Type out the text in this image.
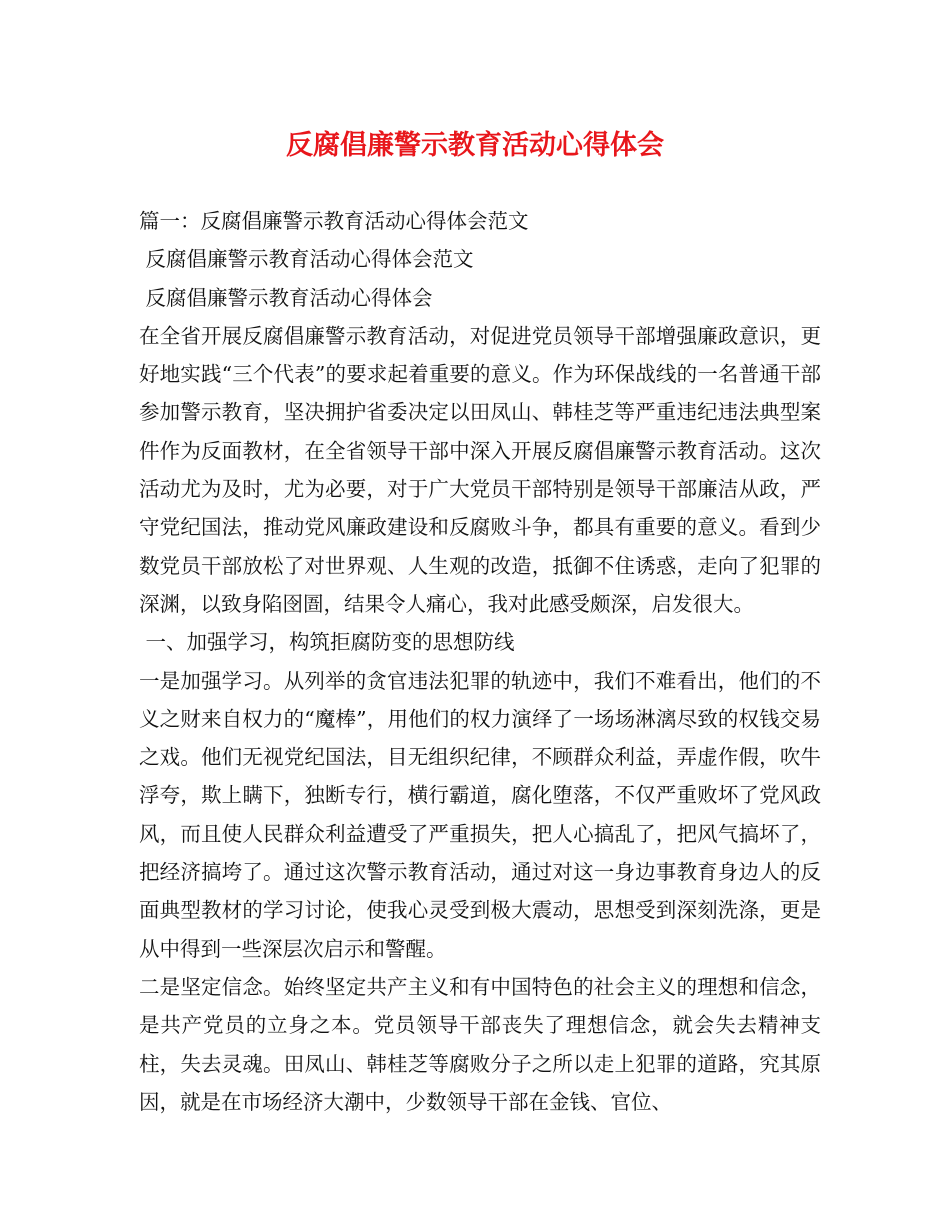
反腐倡廉警示教育活动心得体会
篇一：反腐倡廉警示教育活动心得体会范文
反腐倡廉警示教育活动心得体会范文
反腐倡廉警示教育活动心得体会
在全省开展反腐倡廉警示教育活动，对促进党员领导干部增强廉政意识，更好地实践“三个代表”的要求起着重要的意义。作为环保战线的一名普通干部参加警示教育，坚决拥护省委决定以田凤山、韩桂芝等严重违纪违法典型案件作为反面教材，在全省领导干部中深入开展反腐倡廉警示教育活动。这次活动尤为及时，尤为必要，对于广大党员干部特别是领导干部廉洁从政，严守党纪国法，推动党风廉政建设和反腐败斗争，都具有重要的意义。看到少数党员干部放松了对世界观、人生观的改造，抵御不住诱惑，走向了犯罪的深渊，以致身陷囹圄，结果令人痛心，我对此感受颇深，启发很大。
一、加强学习，构筑拒腐防变的思想防线
一是加强学习。从列举的贪官违法犯罪的轨迹中，我们不难看出，他们的不义之财来自权力的“魔棒”，用他们的权力演绎了一场场淋漓尽致的权钱交易之戏。他们无视党纪国法，目无组织纪律，不顾群众利益，弄虚作假，吹牛浮夸，欺上瞒下，独断专行，横行霸道，腐化堕落，不仅严重败坏了党风政风，而且使人民群众利益遭受了严重损失，把人心搞乱了，把风气搞坏了，把经济搞垮了。通过这次警示教育活动，通过对这一身边事教育身边人的反面典型教材的学习讨论，使我心灵受到极大震动，思想受到深刻洗涤，更是从中得到一些深层次启示和警醒。
二是坚定信念。始终坚定共产主义和有中国特色的社会主义的理想和信念，是共产党员的立身之本。党员领导干部丧失了理想信念，就会失去精神支柱，失去灵魂。田凤山、韩桂芝等腐败分子之所以走上犯罪的道路，究其原因，就是在市场经济大潮中，少数领导干部在金钱、官位、
